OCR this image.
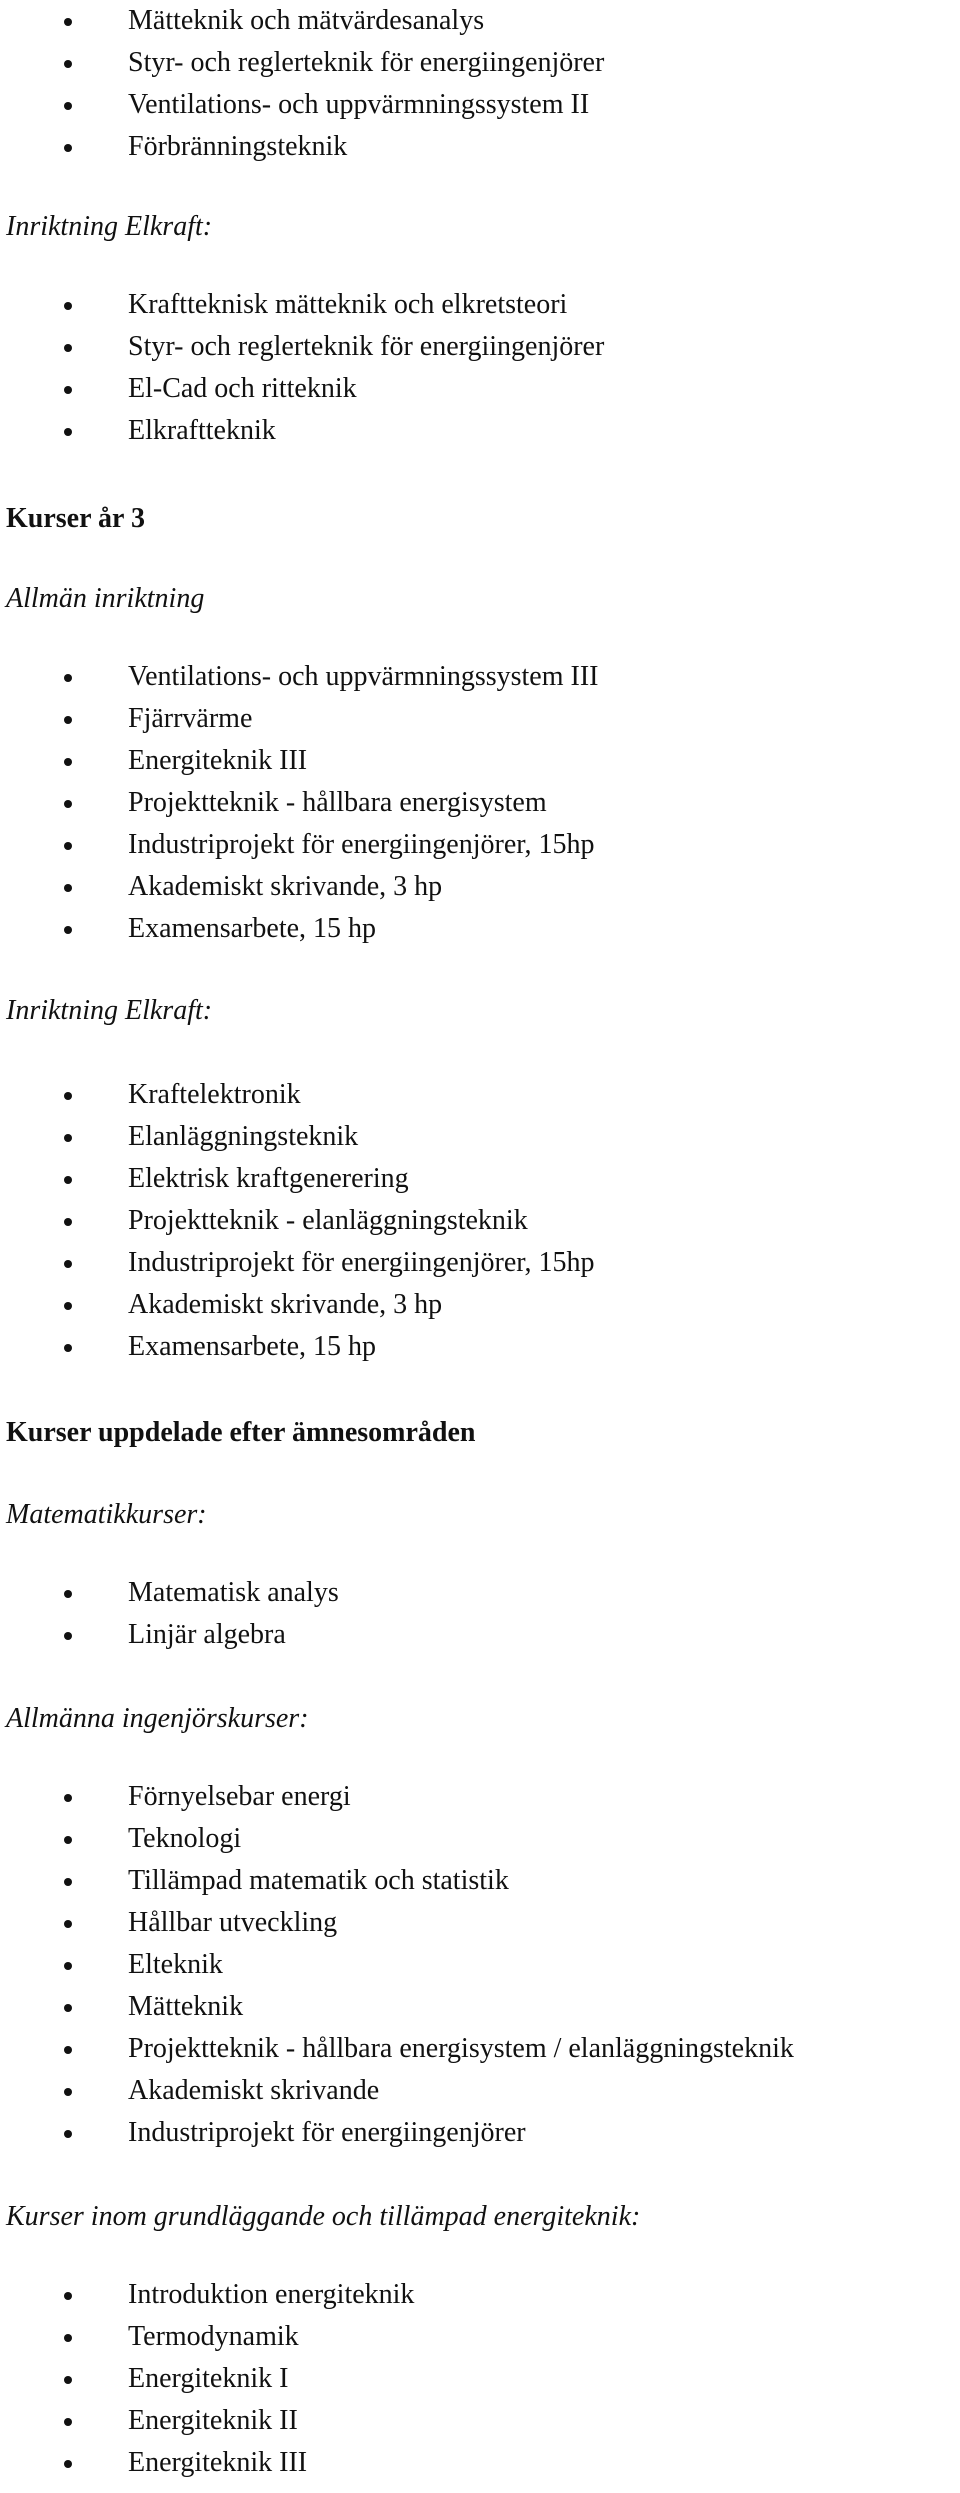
Mätteknik och mätvärdesanalys
Styr- och reglerteknik för energiingenjörer
Ventilations- och uppvärmningssystem II
Förbränningsteknik
Inriktning Elkraft:
Kraftteknisk mätteknik och elkretsteori
Styr- och reglerteknik för energiingenjörer
El-Cad och ritteknik
Elkraftteknik
Kurser år 3
Allmän inriktning
Ventilations- och uppvärmningssystem III
Fjärrvärme
Energiteknik III
Projektteknik - hållbara energisystem
Industriprojekt för energiingenjörer, 15hp
Akademiskt skrivande, 3 hp
Examensarbete, 15 hp
Inriktning Elkraft:
Kraftelektronik
Elanläggningsteknik
Elektrisk kraftgenerering
Projektteknik - elanläggningsteknik
Industriprojekt för energiingenjörer, 15hp
Akademiskt skrivande, 3 hp
Examensarbete, 15 hp
Kurser uppdelade efter ämnesområden
Matematikkurser:
Matematisk analys
Linjär algebra
Allmänna ingenjörskurser:
Förnyelsebar energi
Teknologi
Tillämpad matematik och statistik
Hållbar utveckling
Elteknik
Mätteknik
Projektteknik - hållbara energisystem / elanläggningsteknik
Akademiskt skrivande
Industriprojekt för energiingenjörer
Kurser inom grundläggande och tillämpad energiteknik:
Introduktion energiteknik
Termodynamik
Energiteknik I
Energiteknik II
Energiteknik III
